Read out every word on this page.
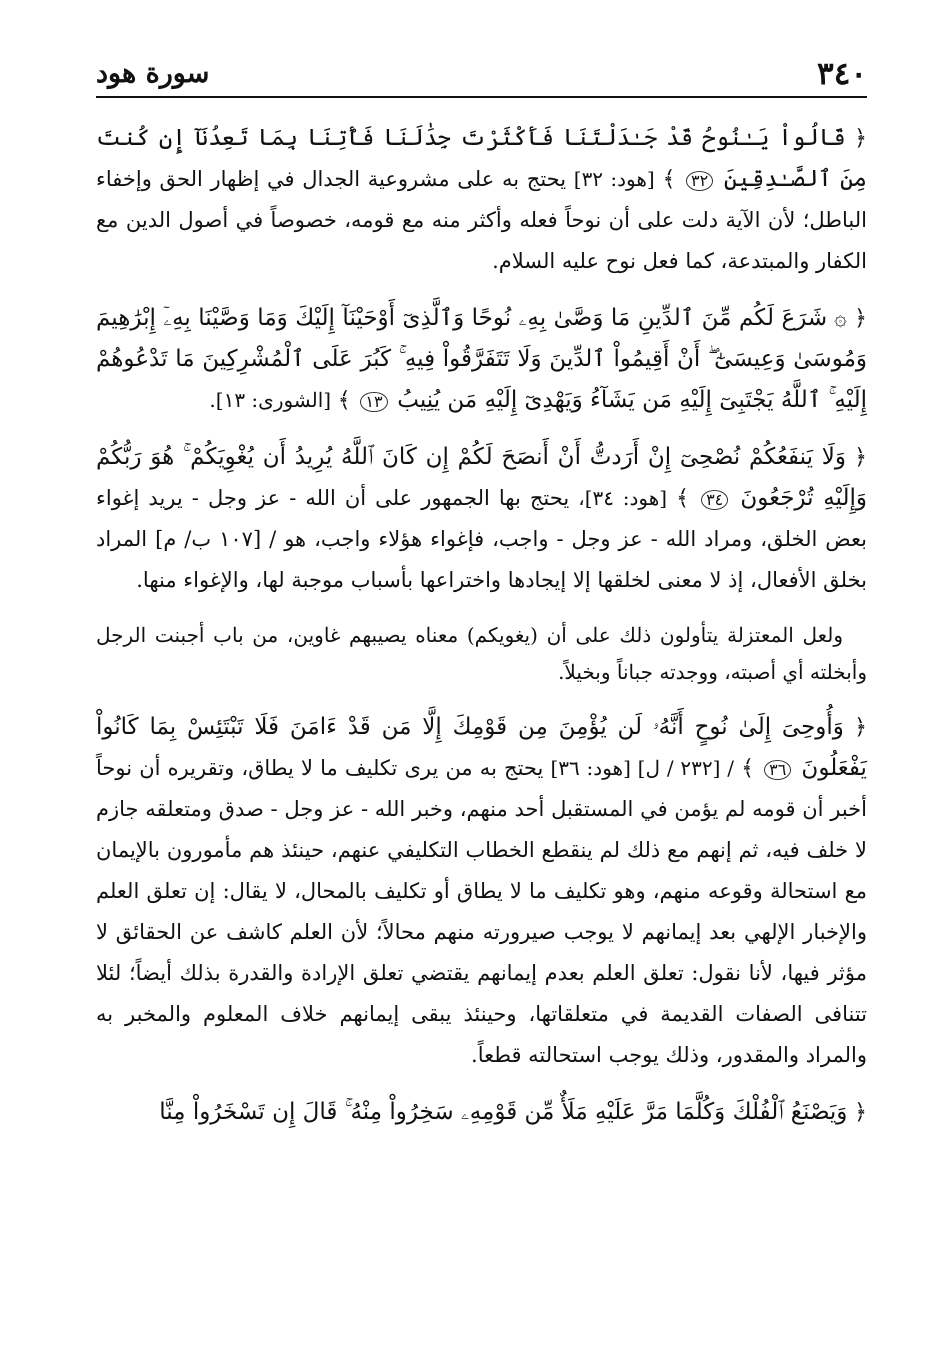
٣٤٠
سورة هود

﴿ قَالُواْ يَـٰنُوحُ قَدْ جَـٰدَلْتَنَا فَأَكْثَرْتَ جِدَٰلَنَا فَأْتِنَا بِمَا تَعِدُنَآ إِن كُنتَ مِنَ ٱلصَّـٰدِقِينَ ٣٢ ﴾ [هود: ٣٢] يحتج به على مشروعية الجدال في إظهار الحق وإخفاء الباطل؛ لأن الآية دلت على أن نوحاً فعله وأكثر منه مع قومه، خصوصاً في أصول الدين مع الكفار والمبتدعة، كما فعل نوح عليه السلام.

﴿ ۞ شَرَعَ لَكُم مِّنَ ٱلدِّينِ مَا وَصَّىٰ بِهِۦ نُوحًا وَٱلَّذِىٓ أَوْحَيْنَآ إِلَيْكَ وَمَا وَصَّيْنَا بِهِۦٓ إِبْرَٰهِيمَ وَمُوسَىٰ وَعِيسَىٰٓ ۖ أَنْ أَقِيمُواْ ٱلدِّينَ وَلَا تَتَفَرَّقُواْ فِيهِ ۚ كَبُرَ عَلَى ٱلْمُشْرِكِينَ مَا تَدْعُوهُمْ إِلَيْهِ ۚ ٱللَّهُ يَجْتَبِىٓ إِلَيْهِ مَن يَشَآءُ وَيَهْدِىٓ إِلَيْهِ مَن يُنِيبُ ١٣ ﴾ [الشورى: ١٣].

﴿ وَلَا يَنفَعُكُمْ نُصْحِىٓ إِنْ أَرَدتُّ أَنْ أَنصَحَ لَكُمْ إِن كَانَ ٱللَّهُ يُرِيدُ أَن يُغْوِيَكُمْ ۚ هُوَ رَبُّكُمْ وَإِلَيْهِ تُرْجَعُونَ ٣٤ ﴾ [هود: ٣٤]، يحتج بها الجمهور على أن الله - عز وجل - يريد إغواء بعض الخلق، ومراد الله - عز وجل - واجب، فإغواء هؤلاء واجب، هو / [١٠٧ ب/ م] المراد بخلق الأفعال، إذ لا معنى لخلقها إلا إيجادها واختراعها بأسباب موجبة لها، والإغواء منها.

ولعل المعتزلة يتأولون ذلك على أن (يغويكم) معناه يصيبهم غاوين، من باب أجبنت الرجل وأبخلته أي أصبته، ووجدته جباناً وبخيلاً.

﴿ وَأُوحِىَ إِلَىٰ نُوحٍ أَنَّهُۥ لَن يُؤْمِنَ مِن قَوْمِكَ إِلَّا مَن قَدْ ءَامَنَ فَلَا تَبْتَئِسْ بِمَا كَانُواْ يَفْعَلُونَ ٣٦ ﴾ / [٢٣٢ / ل] [هود: ٣٦] يحتج به من يرى تكليف ما لا يطاق، وتقريره أن نوحاً أخبر أن قومه لم يؤمن في المستقبل أحد منهم، وخبر الله - عز وجل - صدق ومتعلقه جازم لا خلف فيه، ثم إنهم مع ذلك لم ينقطع الخطاب التكليفي عنهم، حينئذ هم مأمورون بالإيمان مع استحالة وقوعه منهم، وهو تكليف ما لا يطاق أو تكليف بالمحال، لا يقال: إن تعلق العلم والإخبار الإلهي بعد إيمانهم لا يوجب صيرورته منهم محالاً؛ لأن العلم كاشف عن الحقائق لا مؤثر فيها، لأنا نقول: تعلق العلم بعدم إيمانهم يقتضي تعلق الإرادة والقدرة بذلك أيضاً؛ لئلا تتنافى الصفات القديمة في متعلقاتها، وحينئذ يبقى إيمانهم خلاف المعلوم والمخبر به والمراد والمقدور، وذلك يوجب استحالته قطعاً.

﴿ وَيَصْنَعُ ٱلْفُلْكَ وَكُلَّمَا مَرَّ عَلَيْهِ مَلَأٌ مِّن قَوْمِهِۦ سَخِرُواْ مِنْهُ ۚ قَالَ إِن تَسْخَرُواْ مِنَّا
